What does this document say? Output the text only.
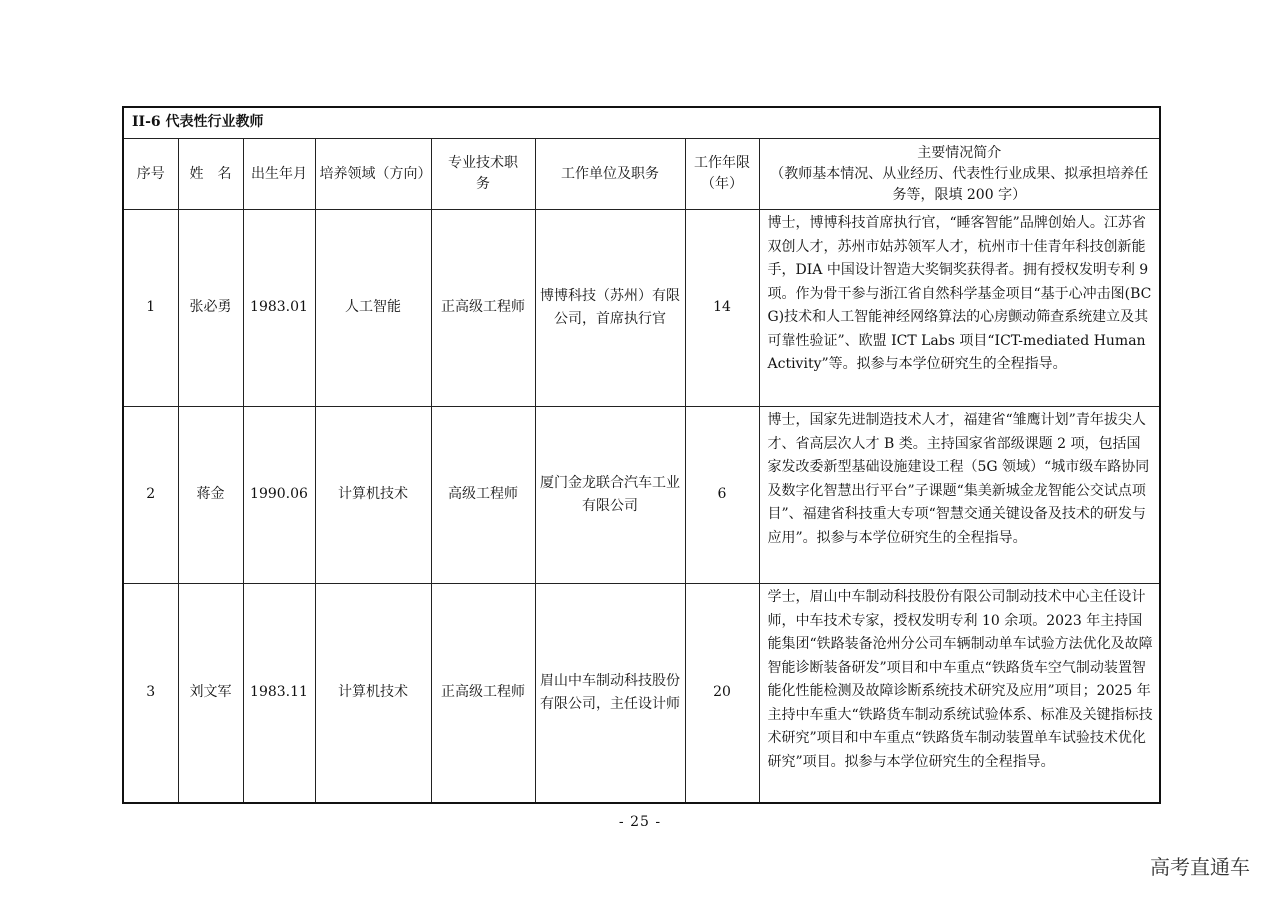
II-6 代表性行业教师							
序号	姓　名	出生年月	培养领域（方向）	专业技术职　务	工作单位及职务	工作年限（年）	主要情况简介
（教师基本情况、从业经历、代表性行业成果、拟承担培养任务等，限填 200 字）

1	张必勇	1983.01	人工智能	正高级工程师	博博科技（苏州）有限公司，首席执行官	14	博士，博博科技首席执行官，“睡客智能”品牌创始人。江苏省双创人才，苏州市姑苏领军人才，杭州市十佳青年科技创新能手，DIA 中国设计智造大奖铜奖获得者。拥有授权发明专利 9 项。作为骨干参与浙江省自然科学基金项目“基于心冲击图(BCG)技术和人工智能神经网络算法的心房颤动筛查系统建立及其可靠性验证”、欧盟 ICT Labs 项目“ICT-mediated Human Activity”等。拟参与本学位研究生的全程指导。
2	蒋金	1990.06	计算机技术	高级工程师	厦门金龙联合汽车工业有限公司	6	博士，国家先进制造技术人才，福建省“雏鹰计划”青年拔尖人才、省高层次人才 B 类。主持国家省部级课题 2 项，包括国家发改委新型基础设施建设工程（5G 领域）“城市级车路协同及数字化智慧出行平台”子课题“集美新城金龙智能公交试点项目”、福建省科技重大专项“智慧交通关键设备及技术的研发与应用”。拟参与本学位研究生的全程指导。
3	刘文军	1983.11	计算机技术	正高级工程师	眉山中车制动科技股份有限公司，主任设计师	20	学士，眉山中车制动科技股份有限公司制动技术中心主任设计师，中车技术专家，授权发明专利 10 余项。2023 年主持国能集团“铁路装备沧州分公司车辆制动单车试验方法优化及故障智能诊断装备研发”项目和中车重点“铁路货车空气制动装置智能化性能检测及故障诊断系统技术研究及应用”项目；2025 年主持中车重大“铁路货车制动系统试验体系、标准及关键指标技术研究”项目和中车重点“铁路货车制动装置单车试验技术优化研究”项目。拟参与本学位研究生的全程指导。
- 25 -
高考直通车
